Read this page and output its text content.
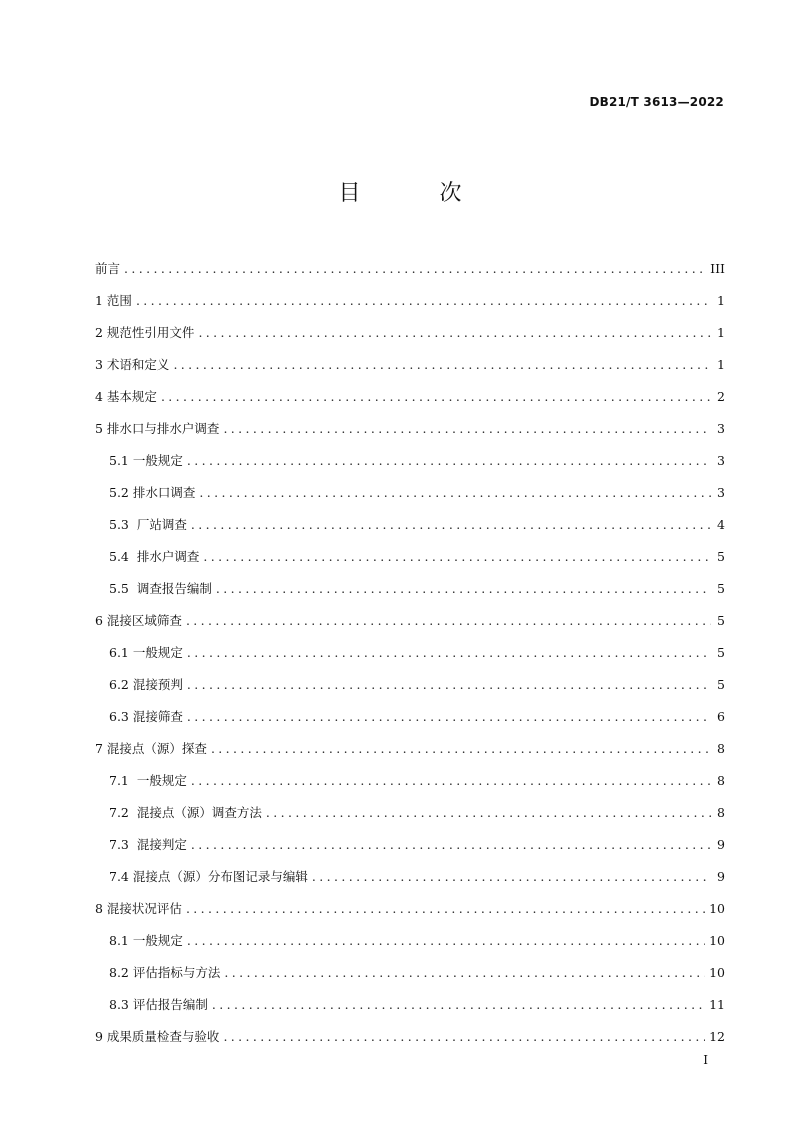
DB21/T 3613—2022
目 次
前言 .....	III
1 范围 .....	1
2 规范性引用文件 .....	1
3 术语和定义 .....	1
4 基本规定 .....	2
5 排水口与排水户调查 .....	3
5.1 一般规定 .....	3
5.2 排水口调查 .....	3
5.3  厂站调查 .....	4
5.4  排水户调查 .....	5
5.5  调查报告编制 .....	5
6 混接区域筛查 .....	5
6.1 一般规定 .....	5
6.2 混接预判 .....	5
6.3 混接筛查 .....	6
7 混接点（源）探查 .....	8
7.1  一般规定 .....	8
7.2  混接点（源）调查方法 .....	8
7.3  混接判定 .....	9
7.4 混接点（源）分布图记录与编辑 .....	9
8 混接状况评估 .....	10
8.1 一般规定 .....	10
8.2 评估指标与方法 .....	10
8.3 评估报告编制 .....	11
9 成果质量检查与验收 .....	12
I
